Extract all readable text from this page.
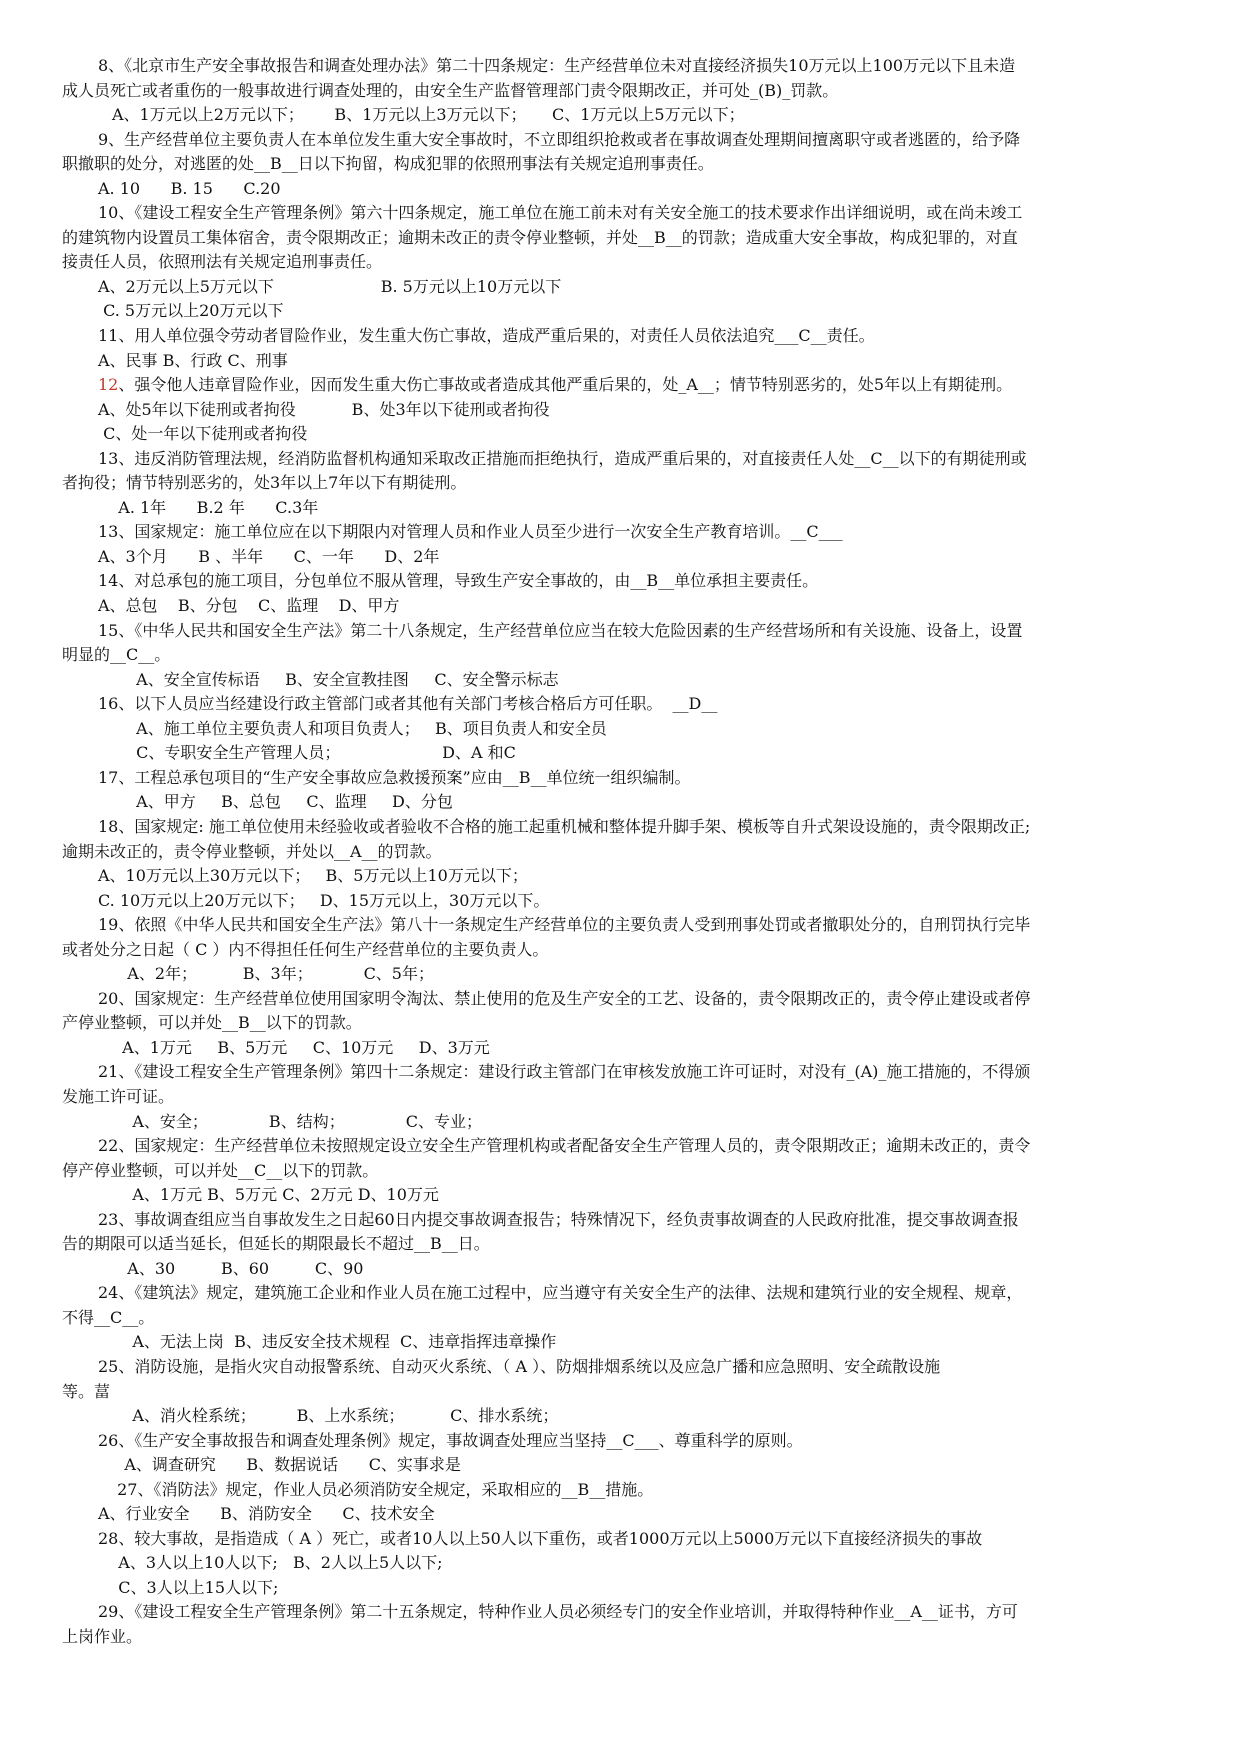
8、《北京市生产安全事故报告和调查处理办法》第二十四条规定：生产经营单位未对直接经济损失10万元以上100万元以下且未造
成人员死亡或者重伤的一般事故进行调查处理的，由安全生产监督管理部门责令限期改正，并可处_(B)_罚款。
A、1万元以上2万元以下；      B、1万元以上3万元以下；     C、1万元以上5万元以下；
9、生产经营单位主要负责人在本单位发生重大安全事故时，不立即组织抢救或者在事故调查处理期间擅离职守或者逃匿的，给予降
职撤职的处分，对逃匿的处__B__日以下拘留，构成犯罪的依照刑事法有关规定追刑事责任。
A. 10      B. 15      C.20
10、《建设工程安全生产管理条例》第六十四条规定，施工单位在施工前未对有关安全施工的技术要求作出详细说明，或在尚未竣工
的建筑物内设置员工集体宿舍，责令限期改正；逾期未改正的责令停业整顿，并处__B__的罚款；造成重大安全事故，构成犯罪的，对直
接责任人员，依照刑法有关规定追刑事责任。
A、2万元以上5万元以下                     B. 5万元以上10万元以下
C. 5万元以上20万元以下
11、用人单位强令劳动者冒险作业，发生重大伤亡事故，造成严重后果的，对责任人员依法追究___C__责任。
A、民事 B、行政 C、刑事
12、强令他人违章冒险作业，因而发生重大伤亡事故或者造成其他严重后果的，处_A__；情节特别恶劣的，处5年以上有期徒刑。
A、处5年以下徒刑或者拘役           B、处3年以下徒刑或者拘役
C、处一年以下徒刑或者拘役
13、违反消防管理法规，经消防监督机构通知采取改正措施而拒绝执行，造成严重后果的，对直接责任人处__C__以下的有期徒刑或
者拘役；情节特别恶劣的，处3年以上7年以下有期徒刑。
A. 1年      B.2 年      C.3年
13、国家规定：施工单位应在以下期限内对管理人员和作业人员至少进行一次安全生产教育培训。__C___
A、3个月      B 、半年      C、一年      D、2年
14、对总承包的施工项目，分包单位不服从管理，导致生产安全事故的，由__B__单位承担主要责任。
A、总包    B、分包    C、监理    D、甲方
15、《中华人民共和国安全生产法》第二十八条规定，生产经营单位应当在较大危险因素的生产经营场所和有关设施、设备上，设置
明显的__C__。
A、安全宣传标语     B、安全宣教挂图     C、安全警示标志
16、以下人员应当经建设行政主管部门或者其他有关部门考核合格后方可任职。  __D__
A、施工单位主要负责人和项目负责人；   B、项目负责人和安全员
C、专职安全生产管理人员；                    D、A 和C
17、工程总承包项目的“生产安全事故应急救援预案”应由__B__单位统一组织编制。
A、甲方     B、总包     C、监理     D、分包
18、国家规定: 施工单位使用未经验收或者验收不合格的施工起重机械和整体提升脚手架、模板等自升式架设设施的，责令限期改正;
逾期未改正的，责令停业整顿，并处以__A__的罚款。
A、10万元以上30万元以下；   B、5万元以上10万元以下；
C. 10万元以上20万元以下；   D、15万元以上，30万元以下。
19、依照《中华人民共和国安全生产法》第八十一条规定生产经营单位的主要负责人受到刑事处罚或者撤职处分的，自刑罚执行完毕
或者处分之日起（ C ）内不得担任任何生产经营单位的主要负责人。
A、2年；         B、3年；          C、5年；
20、国家规定：生产经营单位使用国家明令淘汰、禁止使用的危及生产安全的工艺、设备的，责令限期改正的，责令停止建设或者停
产停业整顿，可以并处__B__以下的罚款。
A、1万元     B、5万元     C、10万元     D、3万元
21、《建设工程安全生产管理条例》第四十二条规定：建设行政主管部门在审核发放施工许可证时，对没有_(A)_施工措施的，不得颁
发施工许可证。
A、安全；            B、结构；            C、专业；
22、国家规定：生产经营单位未按照规定设立安全生产管理机构或者配备安全生产管理人员的，责令限期改正；逾期未改正的，责令
停产停业整顿，可以并处__C__以下的罚款。
A、1万元 B、5万元 C、2万元 D、10万元
23、事故调查组应当自事故发生之日起60日内提交事故调查报告；特殊情况下，经负责事故调查的人民政府批准，提交事故调查报
告的期限可以适当延长，但延长的期限最长不超过__B__日。
A、30         B、60         C、90
24、《建筑法》规定，建筑施工企业和作业人员在施工过程中，应当遵守有关安全生产的法律、法规和建筑行业的安全规程、规章，
不得__C__。
A、无法上岗  B、违反安全技术规程  C、违章指挥违章操作
25、消防设施，是指火灾自动报警系统、自动灭火系统、（ A ）、防烟排烟系统以及应急广播和应急照明、安全疏散设施
等。葍
A、消火栓系统；        B、上水系统；         C、排水系统；
26、《生产安全事故报告和调查处理条例》规定，事故调查处理应当坚持__C___、尊重科学的原则。
A、调查研究      B、数据说话      C、实事求是
27、《消防法》规定，作业人员必须消防安全规定，采取相应的__B__措施。
A、行业安全      B、消防安全      C、技术安全
28、较大事故，是指造成（ A ）死亡，或者10人以上50人以下重伤，或者1000万元以上5000万元以下直接经济损失的事故
A、3人以上10人以下;   B、2人以上5人以下;
C、3人以上15人以下;
29、《建设工程安全生产管理条例》第二十五条规定，特种作业人员必须经专门的安全作业培训，并取得特种作业__A__证书，方可
上岗作业。
